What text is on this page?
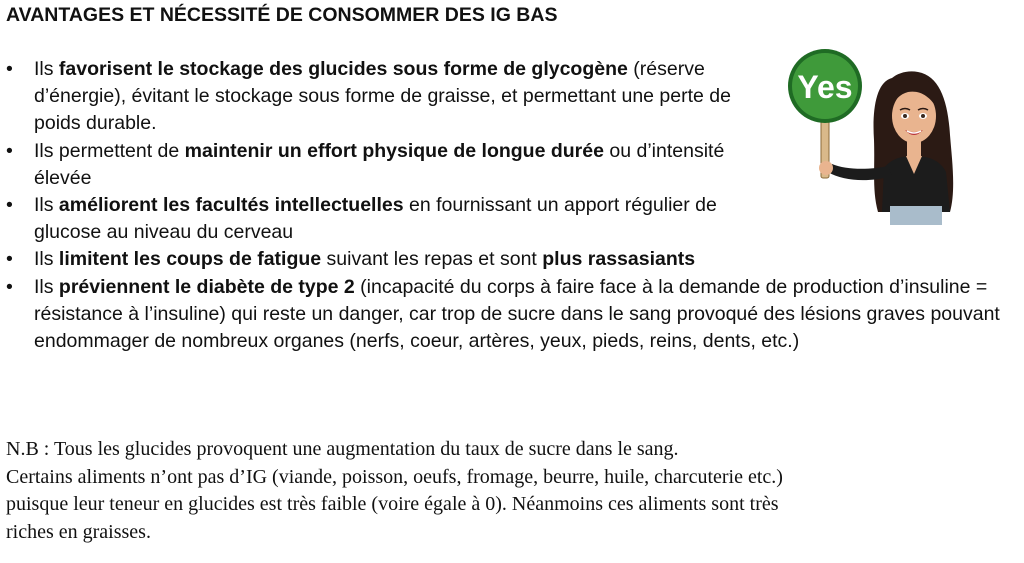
AVANTAGES ET NÉCESSITÉ DE CONSOMMER DES IG BAS
•	Ils favorisent le stockage des glucides sous forme de glycogène (réserve d’énergie), évitant le stockage sous forme de graisse, et permettant une perte de poids durable.
•	Ils permettent de maintenir un effort physique de longue durée ou d’intensité élevée
•	Ils améliorent les facultés intellectuelles en fournissant un apport régulier de glucose au niveau du cerveau
•	Ils limitent les coups de fatigue suivant les repas et sont plus rassasiants
•	Ils préviennent le diabète de type 2 (incapacité du corps à faire face à la demande de production d’insuline = résistance à l’insuline) qui reste un danger, car trop de sucre dans le sang provoqué des lésions graves pouvant endommager de nombreux organes (nerfs, coeur, artères, yeux, pieds, reins, dents, etc.)
N.B : Tous les glucides provoquent une augmentation du taux de sucre dans le sang.
Certains aliments n’ont pas d’IG (viande, poisson, oeufs, fromage, beurre, huile, charcuterie etc.)
puisque leur teneur en glucides est très faible (voire égale à 0). Néanmoins ces aliments sont très
riches en graisses.
Yes
